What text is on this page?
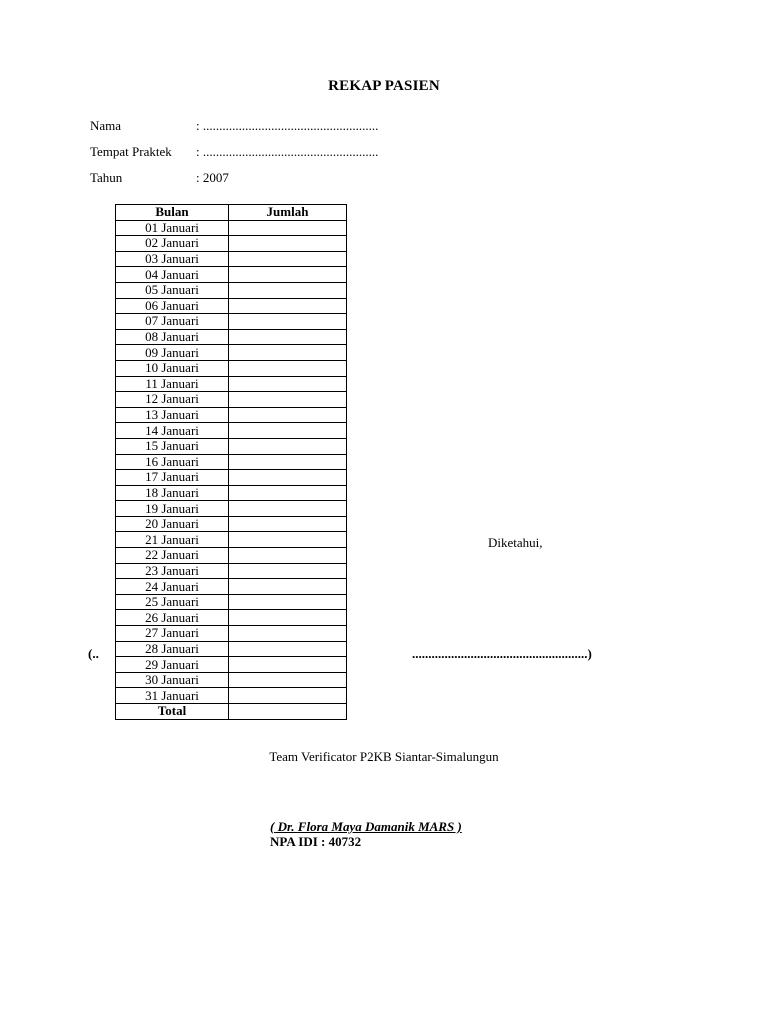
REKAP PASIEN
Nama	: ......................................................
Tempat Praktek : ......................................................
Tahun	: 2007
Bulan	Jumlah
01 Januari	
02 Januari	
03 Januari	
04 Januari	
05 Januari	
06 Januari	
07 Januari	
08 Januari	
09 Januari	
10 Januari	
11 Januari	
12 Januari	
13 Januari	
14 Januari	
15 Januari	
16 Januari	
17 Januari	
18 Januari	
19 Januari	
20 Januari	
21 Januari	
22 Januari	
23 Januari	
24 Januari	
25 Januari	
26 Januari	
27 Januari	
28 Januari	
29 Januari	
30 Januari	
31 Januari	
Total	
Diketahui,
(..	......................................................)
Team Verificator P2KB Siantar-Simalungun
( Dr. Flora Maya Damanik MARS )
NPA IDI : 40732
